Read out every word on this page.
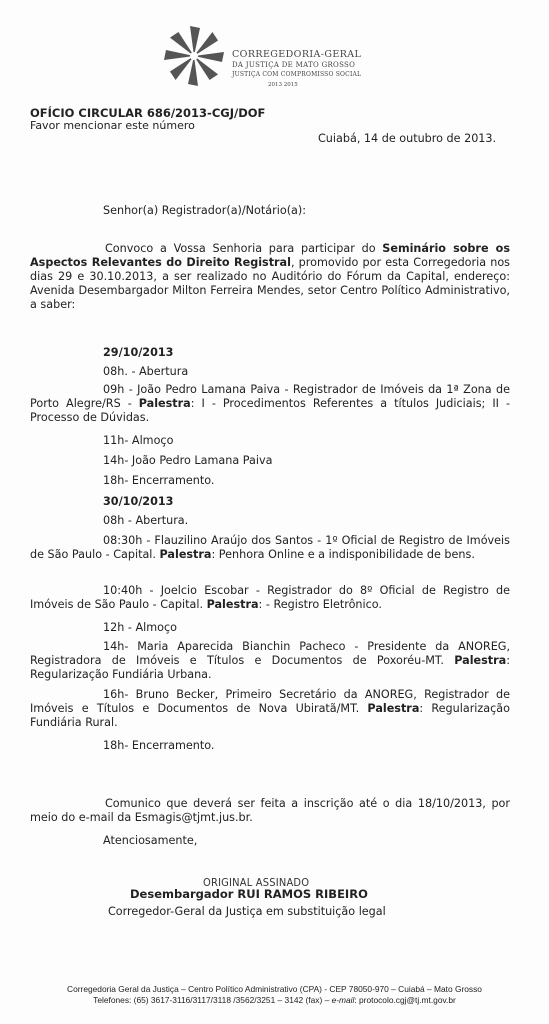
CORREGEDORIA-GERAL
DA JUSTIÇA DE MATO GROSSO
JUSTIÇA COM COMPROMISSO SOCIAL
2013 2015
OFÍCIO CIRCULAR 686/2013-CGJ/DOF
Favor mencionar este número
Cuiabá, 14 de outubro de 2013.
Senhor(a) Registrador(a)/Notário(a):
Convoco a Vossa Senhoria para participar do Seminário sobre os Aspectos Relevantes do Direito Registral, promovido por esta Corregedoria nos dias 29 e 30.10.2013, a ser realizado no Auditório do Fórum da Capital, endereço: Avenida Desembargador Milton Ferreira Mendes, setor Centro Político Administrativo, a saber:
29/10/2013
08h. - Abertura
09h - João Pedro Lamana Paiva - Registrador de Imóveis da 1ª Zona de Porto Alegre/RS - Palestra: I - Procedimentos Referentes a títulos Judiciais; II - Processo de Dúvidas.
11h- Almoço
14h- João Pedro Lamana Paiva
18h- Encerramento.
30/10/2013
08h - Abertura.
08:30h - Flauzilino Araújo dos Santos - 1º Oficial de Registro de Imóveis de São Paulo - Capital. Palestra: Penhora Online e a indisponibilidade de bens.
10:40h - Joelcio Escobar - Registrador do 8º Oficial de Registro de Imóveis de São Paulo - Capital. Palestra: - Registro Eletrônico.
12h - Almoço
14h- Maria Aparecida Bianchin Pacheco - Presidente da ANOREG, Registradora de Imóveis e Títulos e Documentos de Poxoréu-MT. Palestra: Regularização Fundiária Urbana.
16h- Bruno Becker, Primeiro Secretário da ANOREG, Registrador de Imóveis e Títulos e Documentos de Nova Ubiratã/MT. Palestra: Regularização Fundiária Rural.
18h- Encerramento.
Comunico que deverá ser feita a inscrição até o dia 18/10/2013, por meio do e-mail da Esmagis@tjmt.jus.br.
Atenciosamente,
ORIGINAL ASSINADO
Desembargador RUI RAMOS RIBEIRO
Corregedor-Geral da Justiça em substituição legal
Corregedoria Geral da Justiça – Centro Político Administrativo (CPA) - CEP 78050-970 – Cuiabá – Mato Grosso
Telefones: (65) 3617-3116/3117/3118 /3562/3251 – 3142 (fax) – e-mail: protocolo.cgj@tj.mt.gov.br
